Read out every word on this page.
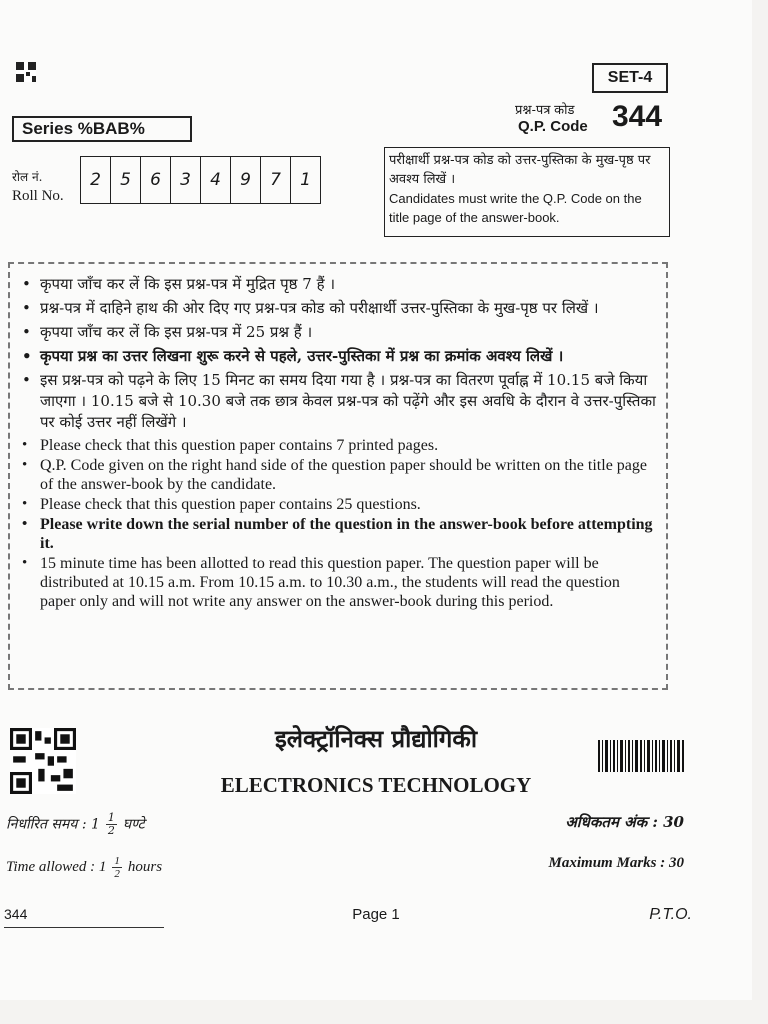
SET-4
प्रश्न-पत्र कोड
Q.P. Code 344
Series %BAB%
रोल नं.
Roll No.
2	5	6	3	4	9	7	1
परीक्षार्थी प्रश्न-पत्र कोड को उत्तर-पुस्तिका के मुख-पृष्ठ पर अवश्य लिखें ।
Candidates must write the Q.P. Code on the title page of the answer-book.
• कृपया जाँच कर लें कि इस प्रश्न-पत्र में मुद्रित पृष्ठ 7 हैं ।
• प्रश्न-पत्र में दाहिने हाथ की ओर दिए गए प्रश्न-पत्र कोड को परीक्षार्थी उत्तर-पुस्तिका के मुख-पृष्ठ पर लिखें ।
• कृपया जाँच कर लें कि इस प्रश्न-पत्र में 25 प्रश्न हैं ।
• कृपया प्रश्न का उत्तर लिखना शुरू करने से पहले, उत्तर-पुस्तिका में प्रश्न का क्रमांक अवश्य लिखें ।
• इस प्रश्न-पत्र को पढ़ने के लिए 15 मिनट का समय दिया गया है । प्रश्न-पत्र का वितरण पूर्वाह्न में 10.15 बजे किया जाएगा । 10.15 बजे से 10.30 बजे तक छात्र केवल प्रश्न-पत्र को पढ़ेंगे और इस अवधि के दौरान वे उत्तर-पुस्तिका पर कोई उत्तर नहीं लिखेंगे ।
• Please check that this question paper contains 7 printed pages.
• Q.P. Code given on the right hand side of the question paper should be written on the title page of the answer-book by the candidate.
• Please check that this question paper contains 25 questions.
• Please write down the serial number of the question in the answer-book before attempting it.
• 15 minute time has been allotted to read this question paper. The question paper will be distributed at 10.15 a.m. From 10.15 a.m. to 10.30 a.m., the students will read the question paper only and will not write any answer on the answer-book during this period.
इलेक्ट्रॉनिक्स प्रौद्योगिकी
ELECTRONICS TECHNOLOGY
निर्धारित समय : $1 \frac{1}{2}$ घण्टे
Time allowed : $1 \frac{1}{2}$ hours
अधिकतम अंक : 30
Maximum Marks : 30
344	Page 1	P.T.O.
